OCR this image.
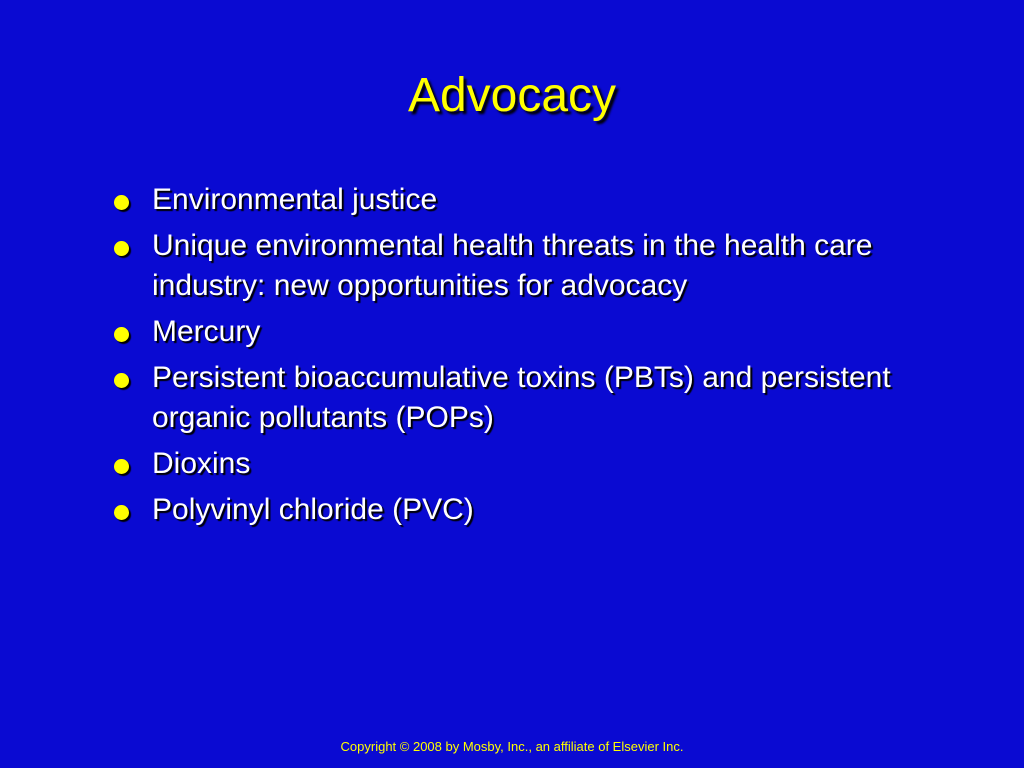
Advocacy
Environmental justice
Unique environmental health threats in the health care industry: new opportunities for advocacy
Mercury
Persistent bioaccumulative toxins (PBTs) and persistent organic pollutants (POPs)
Dioxins
Polyvinyl chloride (PVC)
Copyright © 2008 by Mosby, Inc., an affiliate of Elsevier Inc.
